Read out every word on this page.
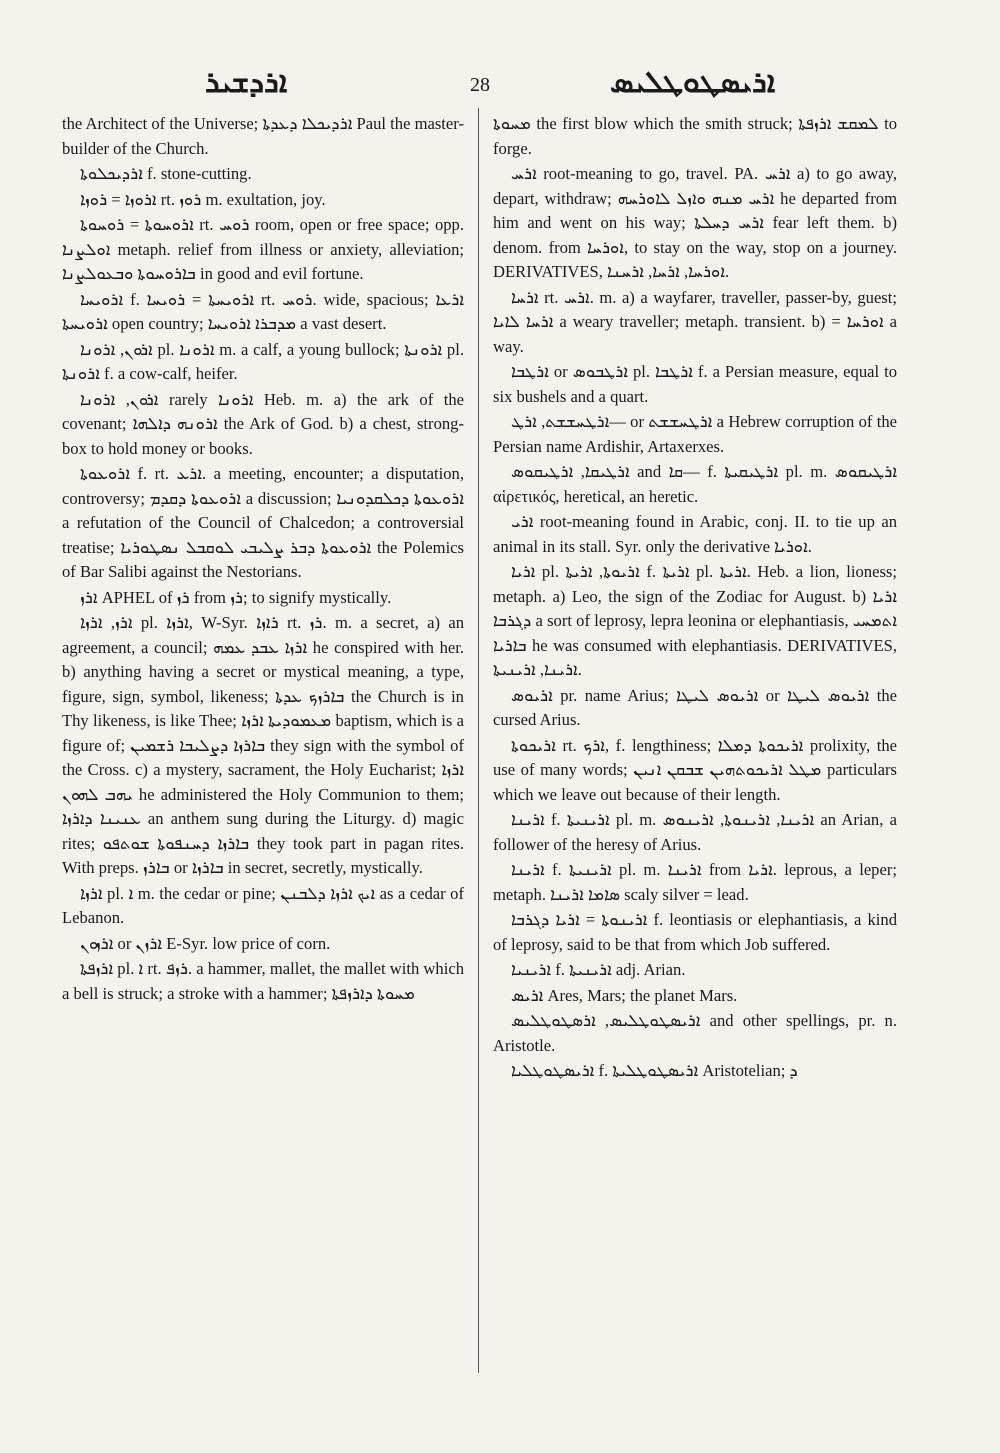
ܐܪܕܫܝܪ	28	ܐܪܝܣܛܘܛܠܝܣ

the Architect of the Universe; ܐܪܕܝܟܠܐ ܕܥܕܬܐ Paul the master-builder of the Church.

ܐܪܕܝܟܠܘܬܐ f. stone-cutting.

ܐܪܘܙܐ = ܪܘܙܐ rt. ܪܘܙ m. exultation, joy.

ܐܪܘܚܘܬܐ = ܪܘܚܘܬܐ rt. ܪܘܚ room, open or free space; opp. ܐܘܠܨܢܐ metaph. relief from illness or anxiety, alleviation; ܒܐܪܘܚܘܬܐ ܘܒܥܘܠܨܢܐ in good and evil fortune.

ܐܪܘܝܚܐ f. ܐܪܘܝܚܬܐ = ܪܘܝܚܐ rt. ܪܘܚ. wide, spacious; ܐܪܥܐ ܐܪܘܝܚܬܐ open country; ܡܕܒܪܐ ܐܪܘܝܚܐ a vast desert.

ܐܪܘܢ, ܐܪܘܢܐ pl. ܐܪܘܢܐ m. a calf, a young bullock; ܐܪܘܢܬܐ pl. ܐܪܘܢܬܐ f. a cow-calf, heifer.

ܐܪܘܢ, ܐܪܘܢܐ rarely ܐܪܘܢܐ Heb. m. a) the ark of the covenant; ܐܪܘܢܗ ܕܐܠܗܐ the Ark of God. b) a chest, strong-box to hold money or books.

ܐܪܘܥܘܬܐ f. rt. ܐܪܥ. a meeting, encounter; a disputation, controversy; ܐܪܘܥܘܬܐ ܕܩܕܡ a discussion; ܐܪܘܥܘܬܐ ܕܟܠܩܕܘܢܝܐ a refutation of the Council of Chalcedon; a controversial treatise; ܐܪܘܥܘܬܐ ܕܒܪ ܨܠܝܒܝ ܠܘܩܒܠ ܢܣܛܘܪܝܐ the Polemics of Bar Salibi against the Nestorians.

ܐܪܙ APHEL of ܪܙ from ܪܙ; to signify mystically.

ܐܪܙ, ܐܪܙܐ pl. ܐܪܙܐ, W-Syr. ܪܐܙܐ rt. ܪܙ. m. a secret, a) an agreement, a council; ܐܪܙܐ ܥܒܕ ܥܡܗ he conspired with her. b) anything having a secret or mystical meaning, a type, figure, sign, symbol, likeness; ܒܐܪܙܟ ܥܕܬܐ the Church is in Thy likeness, is like Thee; ܡܥܡܘܕܝܬܐ ܐܪܙܐ baptism, which is a figure of; ܒܐܪܙܐ ܕܨܠܝܒܐ ܪܫܡܝܢ they sign with the symbol of the Cross. c) a mystery, sacrament, the Holy Eucharist; ܐܪܙܐ ܝܗܒ ܠܗܘܢ he administered the Holy Communion to them; ܥܢܝܢܐ ܕܐܪܙܐ an anthem sung during the Liturgy. d) magic rites; ܒܐܪܙܐ ܕܚܢܦܘܬܐ ܫܘܬܦܘ they took part in pagan rites. With preps. ܒܐܪܙ or ܒܐܪܙܐ in secret, secretly, mystically.

ܐܪܙܐ pl. ܐ m. the cedar or pine; ܐܝܟ ܐܪܙܐ ܕܠܒܢܢ as a cedar of Lebanon.

ܐܪܙܘܢ or ܐܪܙܢ E-Syr. low price of corn.

ܐܪܙܦܬܐ pl. ܐ rt. ܪܙܦ. a hammer, mallet, the mallet with which a bell is struck; a stroke with a hammer; ܡܚܘܬܐ ܕܐܪܙܦܬܐ

ܡܚܘܬܐ the first blow which the smith struck; ܠܡܩܫ ܐܪܙܦܬܐ to forge.

ܐܪܚ root-meaning to go, travel. PA. ܐܪܚ a) to go away, depart, withdraw; ܐܪܚ ܡܢܗ ܘܐܙܠ ܠܐܘܪܚܗ he departed from him and went on his way; ܐܪܚ ܕܚܠܬܐ fear left them. b) denom. from ܐܘܪܚܐ, to stay on the way, stop on a journey. DERIVATIVES, ܐܘܪܚܐ, ܐܪܚܐ, ܐܪܚܢܐ.

ܐܪܚܐ rt. ܐܪܚ. m. a) a wayfarer, traveller, passer-by, guest; ܐܪܚܐ ܠܐܝܐ a weary traveller; metaph. transient. b) = ܐܘܪܚܐ a way.

ܐܪܛܒܐ or ܐܪܛܒܘܣ pl. ܐܪܛܒܐ f. a Persian measure, equal to six bushels and a quart.

ܐܪܛܚܫܫܬ, ܐܪܛ— or ܐܪܛܚܫܫܬ a Hebrew corruption of the Persian name Ardishir, Artaxerxes.

ܐܪܛܝܩܐ, ܐܪܛܝܩܘܣ and ܩܐ— f. ܐܪܛܝܩܝܬܐ pl. m. ܐܪܛܝܩܘܣ αἱρετικός, heretical, an heretic.

ܐܪܝ root-meaning found in Arabic, conj. II. to tie up an animal in its stall. Syr. only the derivative ܐܘܪܝܐ.

ܐܪܝܐ pl. ܐܪܝܘܬܐ, ܐܪܝܬܐ f. ܐܪܝܬܐ pl. ܐܪܝܬܐ. Heb. a lion, lioness; metaph. a) Leo, the sign of the Zodiac for August. b) ܐܪܝܐ ܕܓܪܒܐ a sort of leprosy, lepra leonina or elephantiasis, ܐܬܡܚܝ ܒܐܪܝܐ he was consumed with elephantiasis. DERIVATIVES, ܐܪܝܢܐ, ܐܪܝܢܝܬܐ.

ܐܪܝܘܣ pr. name Arius; ܐܪܝܘܣ ܠܝܛܐ or ܐܪܝܘܣ ܠܝܛܐ the cursed Arius.

ܐܪܝܟܘܬܐ rt. ܐܪܟ, f. lengthiness; ܐܪܝܟܘܬܐ ܕܡܠܐ prolixity, the use of many words; ܡܛܠ ܐܪܝܟܘܬܗܝܢ ܫܒܩܢ ܐܢܝܢ particulars which we leave out because of their length.

ܐܪܝܢܐ f. ܐܪܝܢܝܬܐ pl. m. ܐܪܝܢܐ, ܐܪܝܢܘܬܐ, ܐܪܝܢܘܣ an Arian, a follower of the heresy of Arius.

ܐܪܝܢܐ f. ܐܪܝܢܝܬܐ pl. m. ܐܪܝܢܐ from ܐܪܝܐ. leprous, a leper; metaph. ܣܐܡܐ ܐܪܝܢܐ scaly silver = lead.

ܐܪܝܢܘܬܐ = ܐܪܝܐ ܕܓܪܒܐ f. leontiasis or elephantiasis, a kind of leprosy, said to be that from which Job suffered.

ܐܪܝܢܝܐ f. ܐܪܝܢܝܬܐ adj. Arian.

ܐܪܝܣ Ares, Mars; the planet Mars.

ܐܪܝܣܛܘܛܠܝܣ, ܐܪܣܛܘܛܠܝܣ and other spellings, pr. n. Aristotle.

ܐܪܝܣܛܘܛܠܝܐ f. ܐܪܝܣܛܘܛܠܝܬܐ Aristotelian; ܕ
